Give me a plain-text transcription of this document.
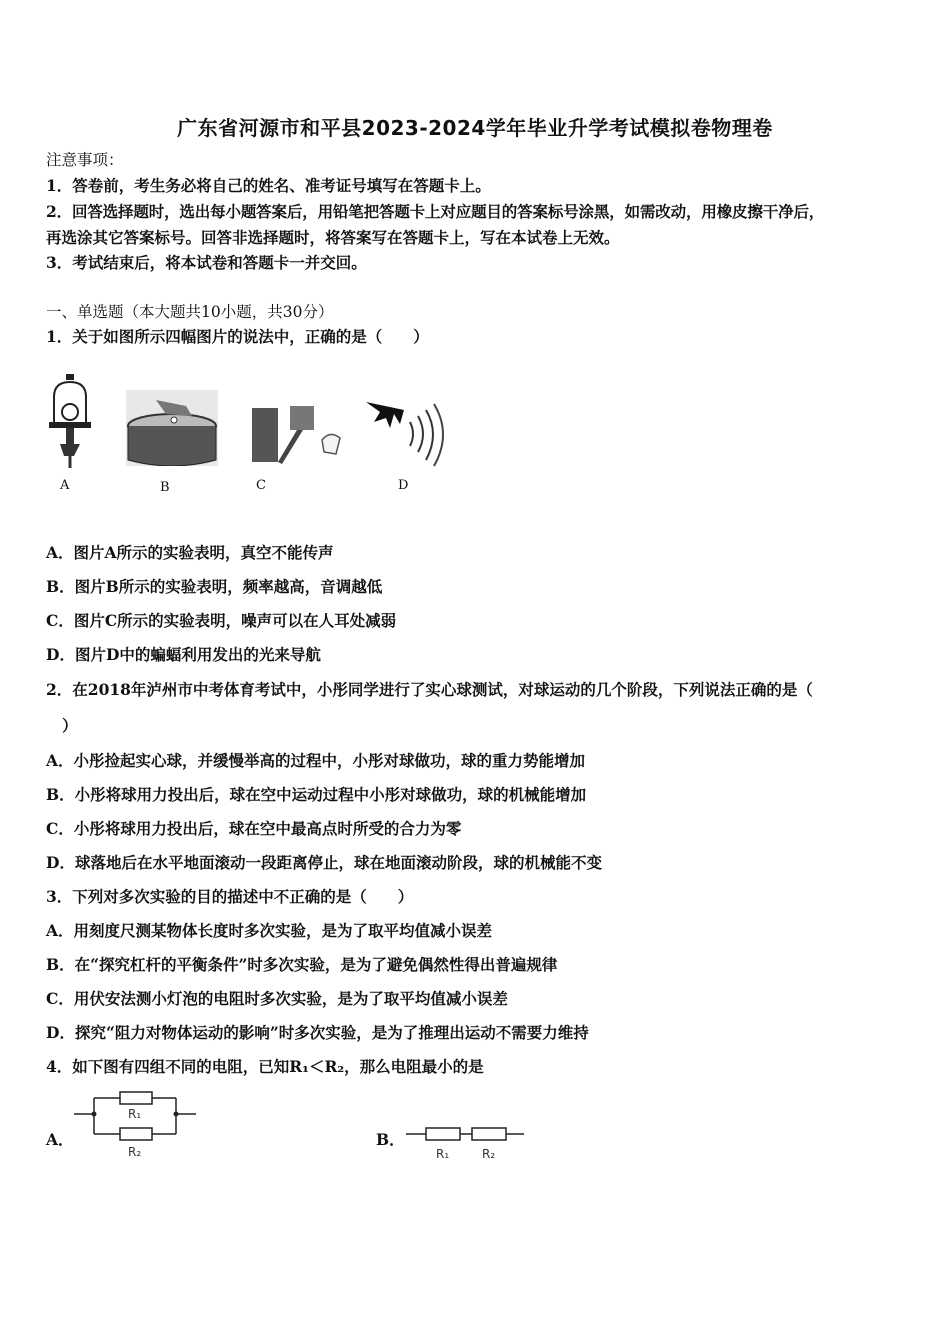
广东省河源市和平县2023-2024学年毕业升学考试模拟卷物理卷
注意事项：
1．答卷前，考生务必将自己的姓名、准考证号填写在答题卡上。
2．回答选择题时，选出每小题答案后，用铅笔把答题卡上对应题目的答案标号涂黑，如需改动，用橡皮擦干净后，
再选涂其它答案标号。回答非选择题时，将答案写在答题卡上，写在本试卷上无效。
3．考试结束后，将本试卷和答题卡一并交回。
一、单选题（本大题共10小题，共30分）
1．关于如图所示四幅图片的说法中，正确的是（　　）
A	B	C	D
A．图片A所示的实验表明，真空不能传声
B．图片B所示的实验表明，频率越高，音调越低
C．图片C所示的实验表明，噪声可以在人耳处减弱
D．图片D中的蝙蝠利用发出的光来导航
2．在2018年泸州市中考体育考试中，小彤同学进行了实心球测试，对球运动的几个阶段，下列说法正确的是（
）
A．小彤捡起实心球，并缓慢举高的过程中，小彤对球做功，球的重力势能增加
B．小彤将球用力投出后，球在空中运动过程中小彤对球做功，球的机械能增加
C．小彤将球用力投出后，球在空中最高点时所受的合力为零
D．球落地后在水平地面滚动一段距离停止，球在地面滚动阶段，球的机械能不变
3．下列对多次实验的目的描述中不正确的是（　　）
A．用刻度尺测某物体长度时多次实验，是为了取平均值减小误差
B．在“探究杠杆的平衡条件”时多次实验，是为了避免偶然性得出普遍规律
C．用伏安法测小灯泡的电阻时多次实验，是为了取平均值减小误差
D．探究“阻力对物体运动的影响”时多次实验，是为了推理出运动不需要力维持
4．如下图有四组不同的电阻，已知R₁＜R₂，那么电阻最小的是
A．
R₁
R₂
B．
R₁	R₂
